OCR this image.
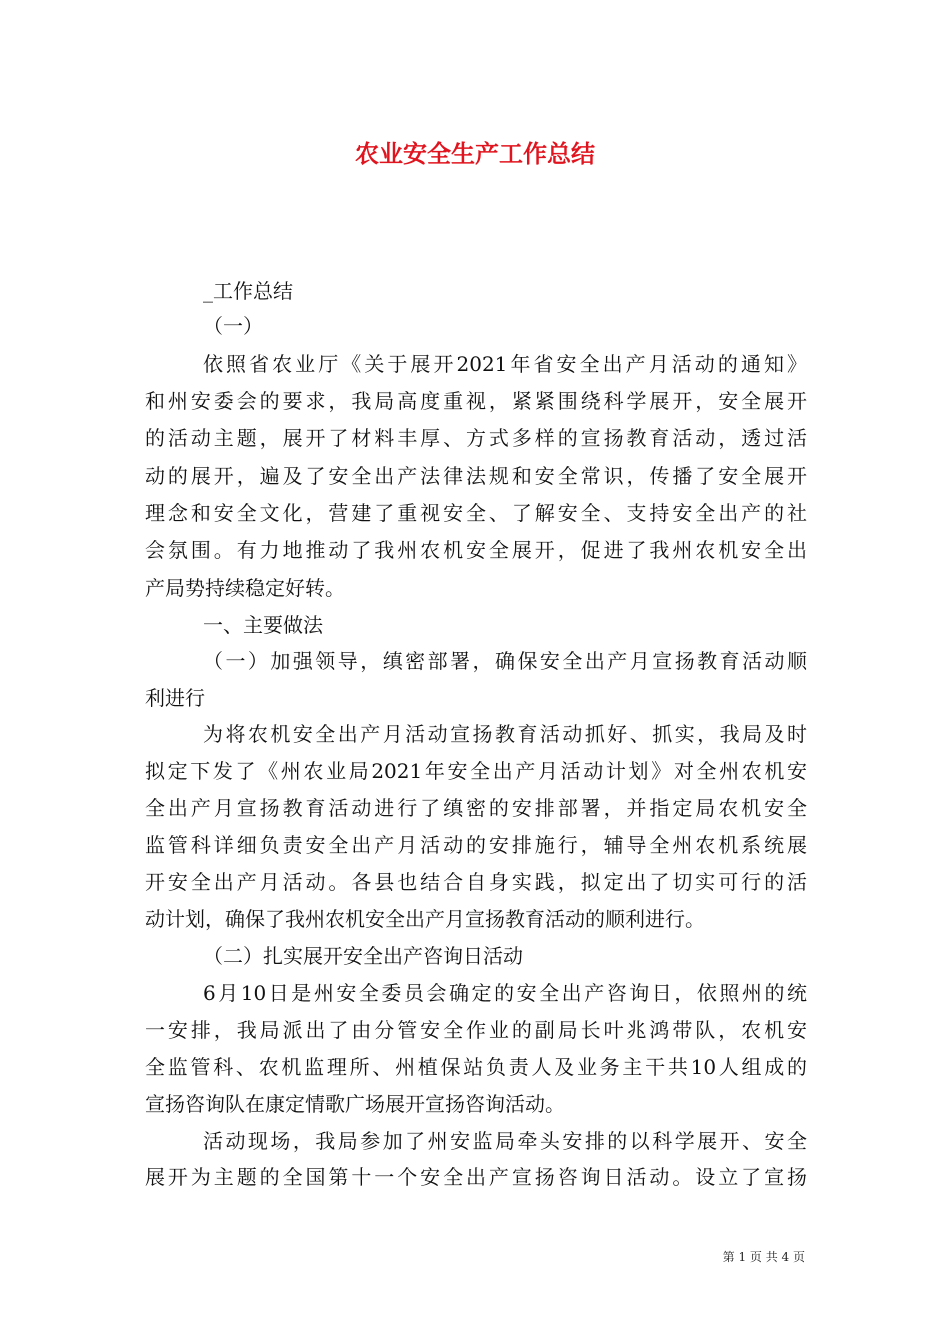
农业安全生产工作总结
_工作总结
（一）
依照省农业厅《关于展开2021年省安全出产月活动的通知》
和州安委会的要求，我局高度重视，紧紧围绕科学展开，安全展开
的活动主题，展开了材料丰厚、方式多样的宣扬教育活动，透过活
动的展开，遍及了安全出产法律法规和安全常识，传播了安全展开
理念和安全文化，营建了重视安全、了解安全、支持安全出产的社
会氛围。有力地推动了我州农机安全展开，促进了我州农机安全出
产局势持续稳定好转。
一、主要做法
（一）加强领导，缜密部署，确保安全出产月宣扬教育活动顺
利进行
为将农机安全出产月活动宣扬教育活动抓好、抓实，我局及时
拟定下发了《州农业局2021年安全出产月活动计划》对全州农机安
全出产月宣扬教育活动进行了缜密的安排部署，并指定局农机安全
监管科详细负责安全出产月活动的安排施行，辅导全州农机系统展
开安全出产月活动。各县也结合自身实践，拟定出了切实可行的活
动计划，确保了我州农机安全出产月宣扬教育活动的顺利进行。
（二）扎实展开安全出产咨询日活动
6月10日是州安全委员会确定的安全出产咨询日，依照州的统
一安排，我局派出了由分管安全作业的副局长叶兆鸿带队，农机安
全监管科、农机监理所、州植保站负责人及业务主干共10人组成的
宣扬咨询队在康定情歌广场展开宣扬咨询活动。
活动现场，我局参加了州安监局牵头安排的以科学展开、安全
展开为主题的全国第十一个安全出产宣扬咨询日活动。设立了宣扬
第 1 页 共 4 页
